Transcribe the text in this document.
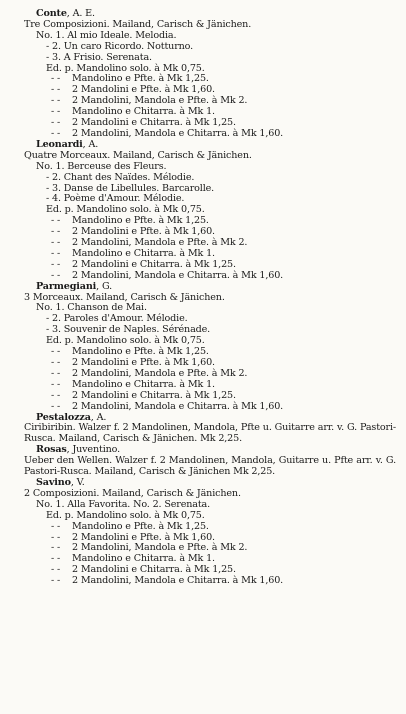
Conte, A. E.
Tre Composizioni. Mailand, Carisch & Jänichen.
No. 1. Al mio Ideale. Melodia.
- 2. Un caro Ricordo. Notturno.
- 3. A Frisio. Serenata.
Ed. p. Mandolino solo. à Mk 0,75.
- - Mandolino e Pfte. à Mk 1,25.
- - 2 Mandolini e Pfte. à Mk 1,60.
- - 2 Mandolini, Mandola e Pfte. à Mk 2.
- - Mandolino e Chitarra. à Mk 1.
- - 2 Mandolini e Chitarra. à Mk 1,25.
- - 2 Mandolini, Mandola e Chitarra. à Mk 1,60.
Leonardi, A.
Quatre Morceaux. Mailand, Carisch & Jänichen.
No. 1. Berceuse des Fleurs.
- 2. Chant des Naïdes. Mélodie.
- 3. Danse de Libellules. Barcarolle.
- 4. Poème d'Amour. Mélodie.
Ed. p. Mandolino solo. à Mk 0,75.
- - Mandolino e Pfte. à Mk 1,25.
- - 2 Mandolini e Pfte. à Mk 1,60.
- - 2 Mandolini, Mandola e Pfte. à Mk 2.
- - Mandolino e Chitarra. à Mk 1.
- - 2 Mandolini e Chitarra. à Mk 1,25.
- - 2 Mandolini, Mandola e Chitarra. à Mk 1,60.
Parmegiani, G.
3 Morceaux. Mailand, Carisch & Jänichen.
No. 1. Chanson de Mai.
- 2. Paroles d'Amour. Mélodie.
- 3. Souvenir de Naples. Sérénade.
Ed. p. Mandolino solo. à Mk 0,75.
- - Mandolino e Pfte. à Mk 1,25.
- - 2 Mandolini e Pfte. à Mk 1,60.
- - 2 Mandolini, Mandola e Pfte. à Mk 2.
- - Mandolino e Chitarra. à Mk 1.
- - 2 Mandolini e Chitarra. à Mk 1,25.
- - 2 Mandolini, Mandola e Chitarra. à Mk 1,60.
Pestalozza, A.
Ciribiribin. Walzer f. 2 Mandolinen, Mandola, Pfte u. Guitarre arr. v. G. Pastori-Rusca. Mailand, Carisch & Jänichen. Mk 2,25.
Rosas, Juventino.
Ueber den Wellen. Walzer f. 2 Mandolinen, Mandola, Guitarre u. Pfte arr. v. G. Pastori-Rusca. Mailand, Carisch & Jänichen Mk 2,25.
Savino, V.
2 Composizioni. Mailand, Carisch & Jänichen.
No. 1. Alla Favorita. No. 2. Serenata.
Ed. p. Mandolino solo. à Mk 0,75.
- - Mandolino e Pfte. à Mk 1,25.
- - 2 Mandolini e Pfte. à Mk 1,60.
- - 2 Mandolini, Mandola e Pfte. à Mk 2.
- - Mandolino e Chitarra. à Mk 1.
- - 2 Mandolini e Chitarra. à Mk 1,25.
- - 2 Mandolini, Mandola e Chitarra. à Mk 1,60.
